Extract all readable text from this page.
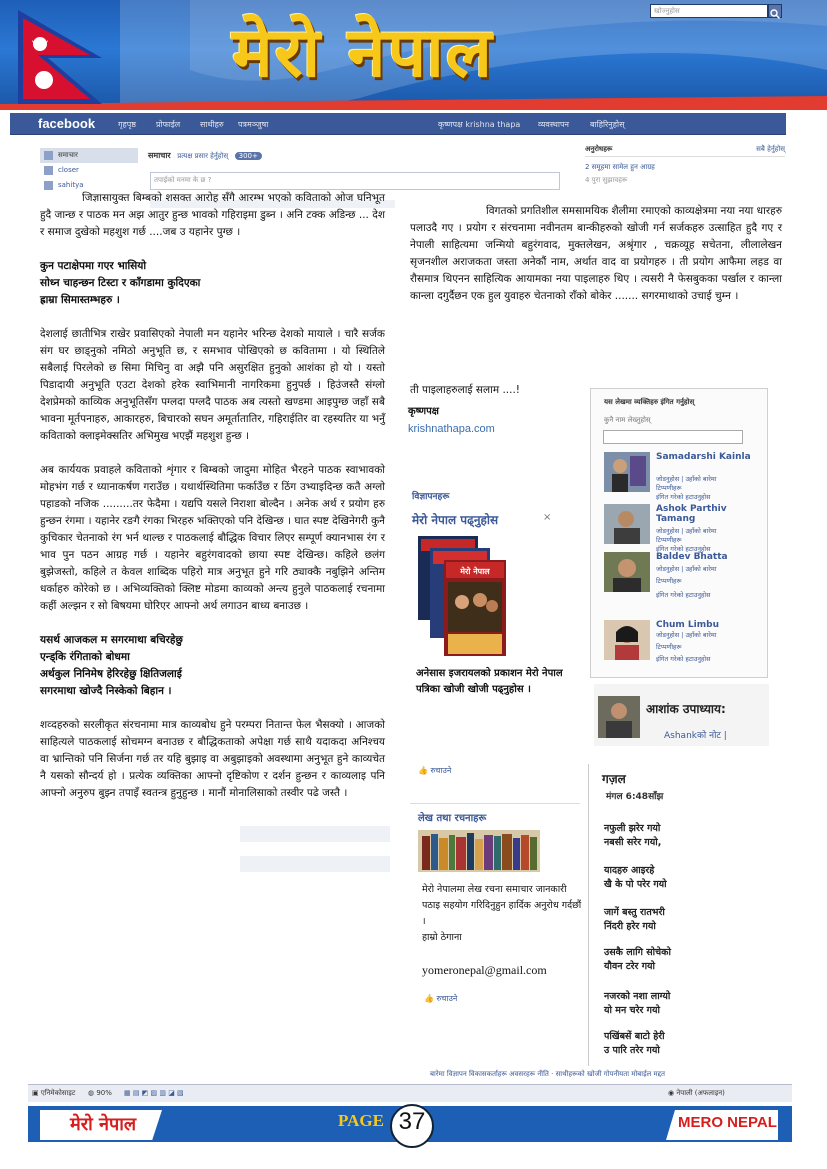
मेरो नेपाल
facebook	गृहपृष्ठ प्रोफाईल साथीहरु पत्रमञ्जुषा	कृष्णपक्ष krishna thapa व्यवस्थापन	बाहिरिनुहोस्
खोज्नुहोस
समाचार
closer
sahitya
समाचार प्रत्यक्ष प्रसार हेर्नुहोस् 300+
तपाईको मनमा के छ ?
अनुरोधहरू	सबै हेर्नुहोस्
2 समूहमा सामेल हुन आग्रह
4 पुरा सुझावहरू

जिज्ञासायुक्त बिम्बको शसक्त आरोह सँगै आरम्भ भएको कविताको ओज घनिभूत हुदै जान्छ र पाठक मन अझ आतुर हुन्छ भावको गहिराइमा डुब्न । अनि टक्क अडिन्छ ... देश र समाज दुखेको महशुश गर्छ ....जब उ यहानेर पुग्छ ।

कुन पटाक्षेपमा गएर भासियो
सोध्न चाहन्छन टिस्टा र काँगडामा कुदिएका
ह्राम्रा सिमास्तम्भहरु ।

देशलाई छातीभित्र राखेर प्रवासिएको नेपाली मन यहानेर भरिन्छ देशको मायाले । चारै सर्जक संग घर छाड्नुको नमिठो अनुभूति छ, र समभाव पोखिएको छ कवितामा । यो स्थितिले सबैलाई पिरलेको छ सिमा मिचिनु वा अझै पनि असुरक्षित हुनुको आशंका हो यो । यस्तो पिडादायी अनुभूति एउटा देशको हरेक स्वाभिमानी नागरिकमा हुनुपर्छ । हिउंजस्तै संग्लो देशप्रेमको काव्यिक अनुभूतिसँग पग्लदा पग्लदै पाठक अब त्यस्तो खण्डमा आइपुग्छ जहाँ सबै भावना मूर्तपनाहरु, आकारहरु, बिचारको सघन अमूर्तातातिर, गहिराईतिर वा रहस्यतिर या भनुँ कविताको क्लाइमेक्सतिर अभिमुख भएझैं महशुश हुन्छ ।

अब कार्ययक प्रवाहले कविताको शृंगार र बिम्बको जादुमा मोहित भैरहने पाठक स्वाभावको मोहभंग गर्छ र ध्यानाकर्षण गराउँछ । यथार्थस्थितिमा फर्काउँछ र ठिंग उभ्याइदिन्छ कतै अग्लो पहाडको नजिक .........तर फेदैमा । यद्यपि यसले निराशा बोल्दैन । अनेक अर्थ र प्रयोग हरु हुन्छन रंगमा । यहानेर रङगै रंगका भिरहरु भक्तिएको पनि देखिन्छ । घात स्पष्ट देखिनेगरी कुनै कुचिकार चेतनाको रंग भर्न थाल्छ र पाठकलाई बौद्धिक विचार लिएर सम्पूर्ण क्यानभास रंग र भाव पुन पठन आग्रह गर्छ । यहानेर बहुरंगवादको छाया स्पष्ट देखिन्छ। कहिले छलंग बुझेजस्तो, कहिले त केवल शाब्दिक पहिरो मात्र अनुभूत हुने गरि ठ्याक्कै नबुझिने अन्तिम धर्काहरु कोरेको छ । अभिव्यक्तिको क्लिष्ट मोडमा काव्यको अन्त्य हुनुले पाठकलाई रचनामा कहीं अल्झन र सो बिषयमा घोरिएर आफ्नो अर्थ लगाउन बाध्य बनाउछ ।

यसर्थ आजकल म सगरमाथा बचिरहेछु
एन्ड्कि रंगिताको बोधमा
अर्थकुल निनिमेष हेरिरहेछु क्षितिजलाई
सगरमाथा खोज्दै निस्केको बिहान ।

शव्दहरुको सरलीकृत संरचनामा मात्र काव्यबोध हुने परम्परा नितान्त फेल भैसक्यो । आजको साहित्यले पाठकलाई सोचमग्न बनाउछ र बौद्धिकताको अपेक्षा गर्छ साथै यदाकदा अनिश्चय वा भ्रान्तिको पनि सिर्जना गर्छ तर यहि बुझाइ वा अबुझाइको अवस्थामा अनुभूत हुने काव्यचेत नै यसको सौन्दर्य हो । प्रत्येक व्यक्तिका आफ्नो दृष्टिकोण र दर्शन हुन्छन र काव्यलाइ पनि आफ्नो अनुरुप बुझ्न तपाइँ स्वतन्त्र हुनुहुन्छ । मानौं मोनालिसाको तस्वीर पढे जस्तै ।

विगतको प्रगतिशील समसामयिक शैलीमा रमाएको काव्यक्षेत्रमा नया नया धारहरु पलाउदै गए । प्रयोग र संरचनामा नवीनतम बान्कीहरुको खोजी गर्न सर्जकहरु उत्साहित हुदै गए र नेपाली साहित्यमा जन्मियो बहुरंगवाद, मुक्तलेखन, अश्रृंगार , चक्रव्यूह सचेतना, लीलालेखन सृजनशील अराजकता जस्ता अनेकौं नाम, अर्थात वाद वा प्रयोगहरु । ती प्रयोग आफैमा लहड वा रौसमात्र थिएनन साहित्यिक आयामका नया पाइलाहरु थिए । त्यसरी नै फेसबुकका पर्खाल र कान्ला कान्ला दगुर्दैछन एक हुल युवाहरु चेतनाको राँको बोकेर ....... सगरमाथाको उचाई चुम्न ।

ती पाइलाहरुलाई सलाम ....!
कृष्णपक्ष
krishnathapa.com
विज्ञापनहरू
मेरो नेपाल पढ्नुहोस	×
मेरो नेपाल
अनेसास इजरायलको प्रकाशन मेरो नेपाल पत्रिका खोजी खोजी पढ्नुहोस ।
👍 रुचाउने
लेख तथा रचनाहरू
मेरो नेपालमा लेख रचना समाचार जानकारी पठाइ सहयोग गरिदिनुहुन हार्दिक अनुरोध गर्दछौं ।
हाम्रो ठेगाना
yomeronepal@gmail.com
👍 रुचाउने
यस लेखमा व्यक्तिहरु इंगित गर्नुहोस्
कुनै नाम लेख्नुहोस्
Samadarshi Kainla
जोडनुहोस | उहाँको बारेमा
टिप्पणीहरू
इंगित गरेको हटाउनुहोस
Ashok Parthiv Tamang
जोडनुहोस | उहाँको बारेमा
टिप्पणीहरू
इंगित गरेको हटाउनुहोस
Baldev Bhatta
जोडनुहोस | उहाँको बारेमा
टिप्पणीहरू
इंगित गरेको हटाउनुहोस
Chum Limbu
जोडनुहोस | उहाँको बारेमा
टिप्पणीहरू
इंगित गरेको हटाउनुहोस
आशांक उपाध्याय:
Ashankको नोट |
गज़ल
मंगल 6:48साँझ
नफुली झरेर गयो
नबसी सरेर गयो,
यादहरु आइरहे
खै के पो परेर गयो
जागें बस्तु रातभरी
निंदरी हरेर गयो
उसकै लागि सोचेको
यौवन टरेर गयो
नजरको नशा लाग्यो
यो मन चरेर गयो
पखिंबसें बाटो हेरी
उ पारि तरेर गयो
बारेमा विज्ञापन विकासकर्ताहरू अवसरहरू नीति · साथीहरूको खोजी गोपनीयता मोबाईल मद्दत
▣ एनिमेकोसाइट ◍ 90% ▦ ▤ ◩ ▨ ▥ ◪ ▧	◉ नेपाली (अफलाइन)
मेरो नेपाल	PAGE 37	MERO NEPAL
